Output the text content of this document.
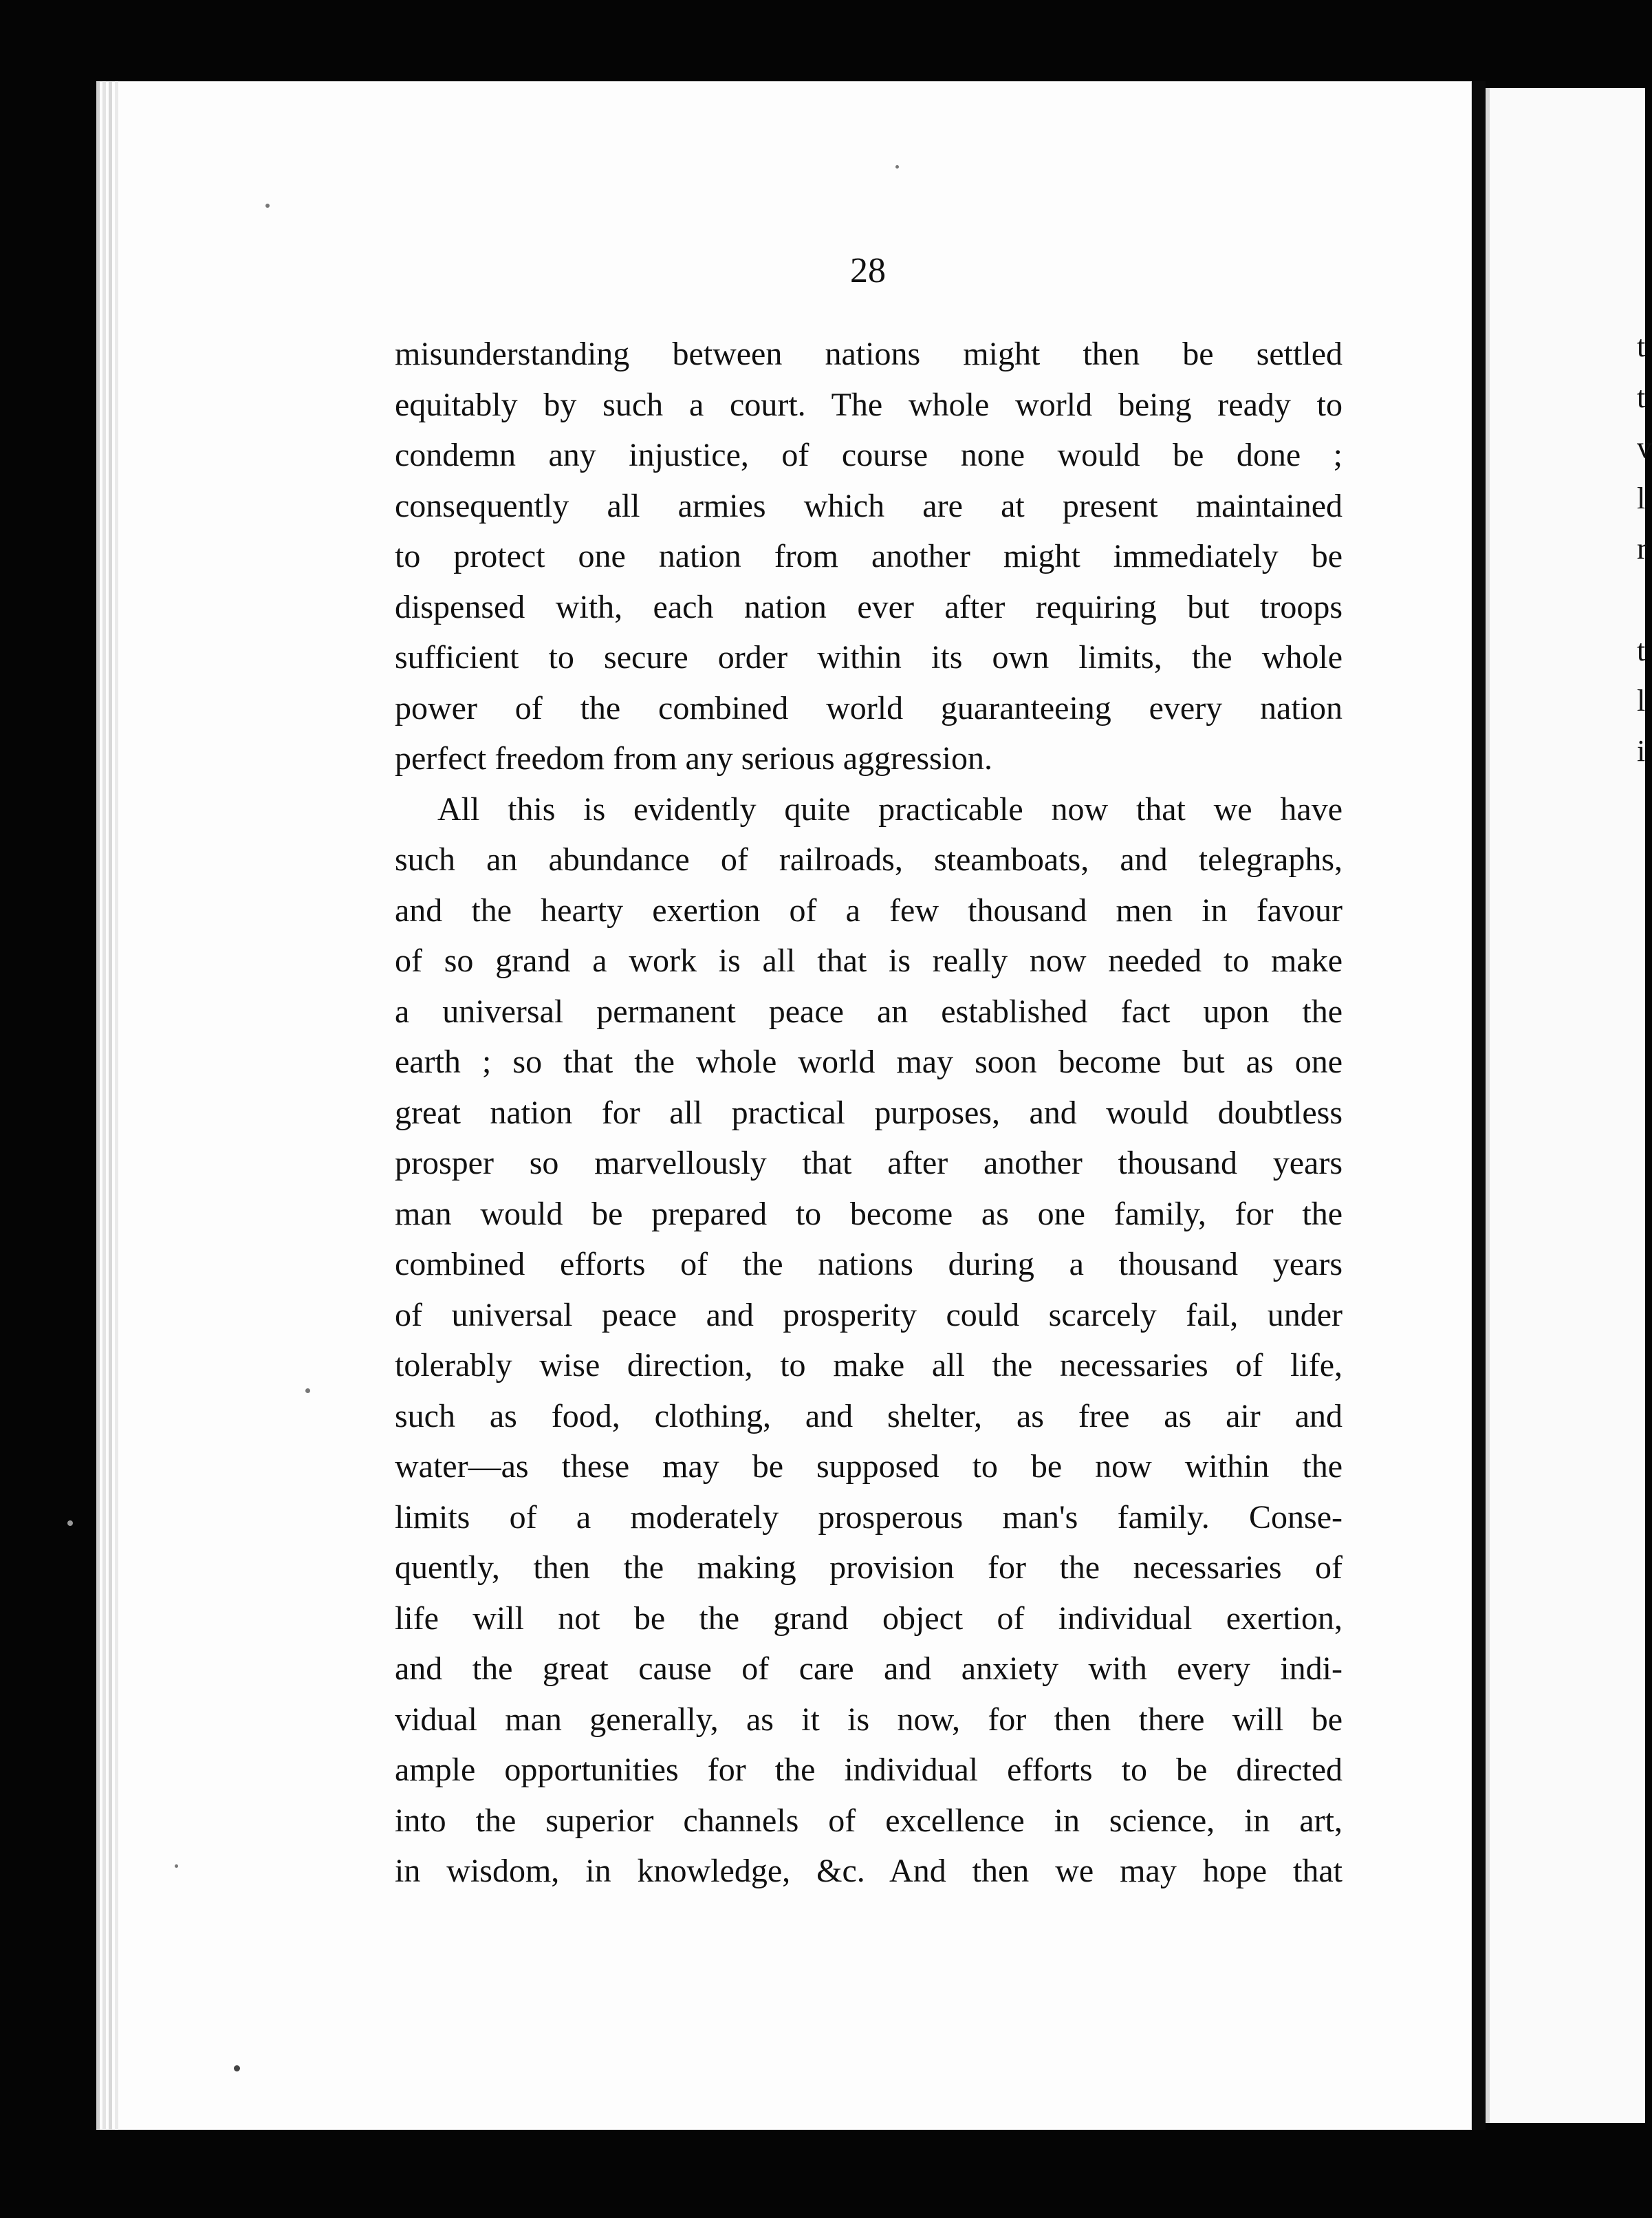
t
t
v
l
r
t
l
i

28

misunderstanding between nations might then be settled
equitably by such a court. The whole world being ready to
condemn any injustice, of course none would be done ;
consequently all armies which are at present maintained
to protect one nation from another might immediately be
dispensed with, each nation ever after requiring but troops
sufficient to secure order within its own limits, the whole
power of the combined world guaranteeing every nation
perfect freedom from any serious aggression.
All this is evidently quite practicable now that we have
such an abundance of railroads, steamboats, and telegraphs,
and the hearty exertion of a few thousand men in favour
of so grand a work is all that is really now needed to make
a universal permanent peace an established fact upon the
earth ; so that the whole world may soon become but as one
great nation for all practical purposes, and would doubtless
prosper so marvellously that after another thousand years
man would be prepared to become as one family, for the
combined efforts of the nations during a thousand years
of universal peace and prosperity could scarcely fail, under
tolerably wise direction, to make all the necessaries of life,
such as food, clothing, and shelter, as free as air and
water—as these may be supposed to be now within the
limits of a moderately prosperous man's family. Conse-
quently, then the making provision for the necessaries of
life will not be the grand object of individual exertion,
and the great cause of care and anxiety with every indi-
vidual man generally, as it is now, for then there will be
ample opportunities for the individual efforts to be directed
into the superior channels of excellence in science, in art,
in wisdom, in knowledge, &c. And then we may hope that
